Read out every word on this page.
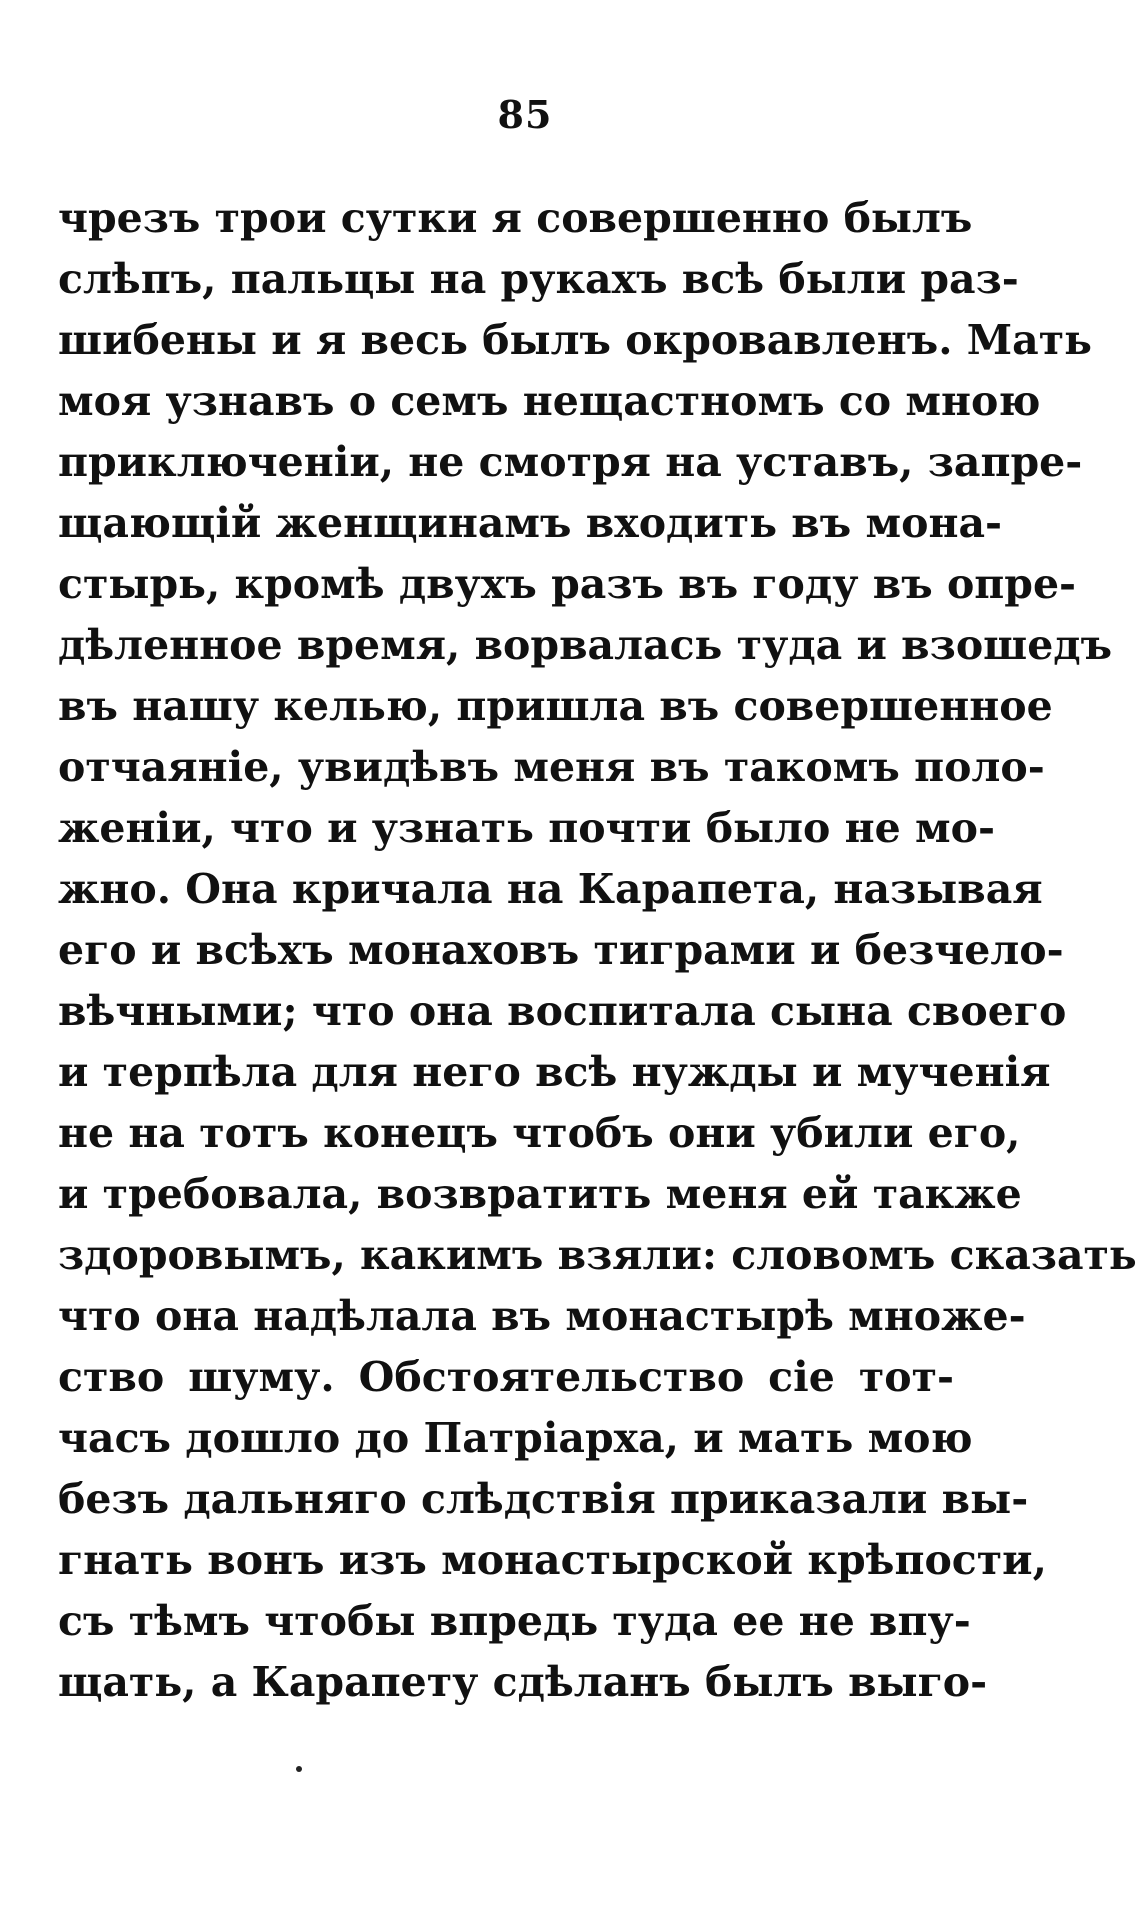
85
чрезъ трои сутки я совершенно былъ
слѣпъ, пальцы на рукахъ всѣ были раз-
шибены и я весь былъ окровавленъ. Мать
моя узнавъ о семъ нещастномъ со мною
приключеніи, не смотря на уставъ, запре-
щающій женщинамъ входить въ мона-
стырь, кромѣ двухъ разъ въ году въ опре-
дѣленное время, ворвалась туда и взошедъ
въ нашу келью, пришла въ совершенное
отчаяніе, увидѣвъ меня въ такомъ поло-
женіи, что и узнать почти было не мо-
жно. Она кричала на Карапета, называя
его и всѣхъ монаховъ тиграми и безчело-
вѣчными; что она воспитала сына своего
и терпѣла для него всѣ нужды и мученія
не на тотъ конецъ чтобъ они убили его,
и требовала, возвратить меня ей также
здоровымъ, какимъ взяли: словомъ сказать
что она надѣлала въ монастырѣ множе-
ство шуму. Обстоятельство сіе тот-
часъ дошло до Патріарха, и мать мою
безъ дальняго слѣдствія приказали вы-
гнать вонъ изъ монастырской крѣпости,
съ тѣмъ чтобы впредь туда ее не впу-
щать, а Карапету сдѣланъ былъ выго-
